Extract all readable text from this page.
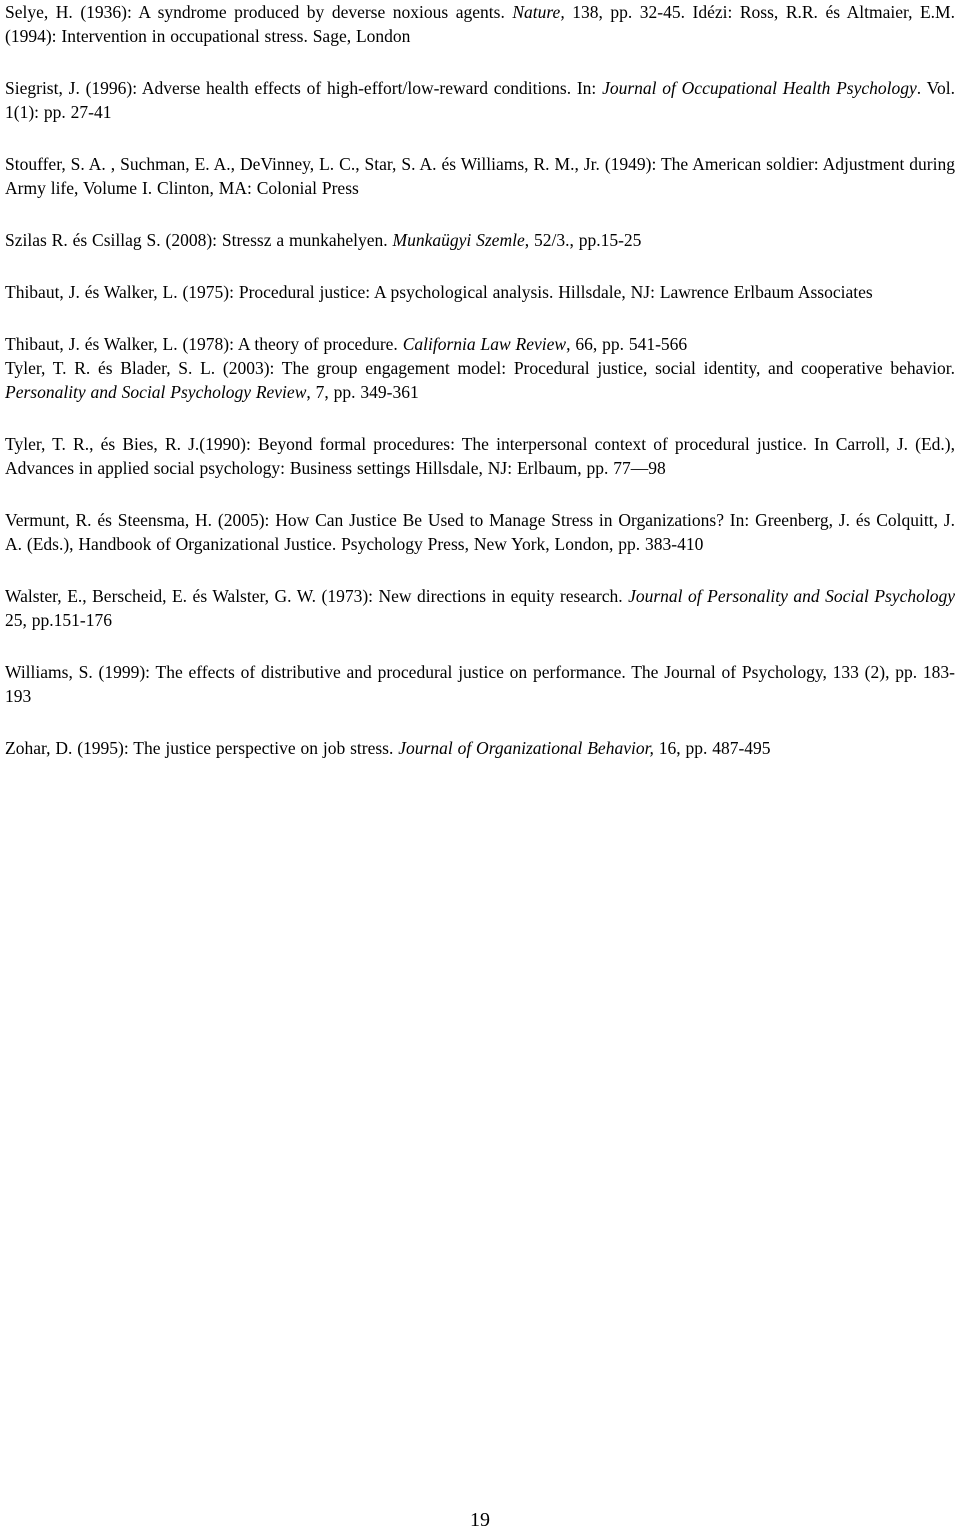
Selye, H. (1936): A syndrome produced by deverse noxious agents. Nature, 138, pp. 32-45. Idézi: Ross, R.R. és Altmaier, E.M. (1994): Intervention in occupational stress. Sage, London

Siegrist, J. (1996): Adverse health effects of high-effort/low-reward conditions. In: Journal of Occupational Health Psychology. Vol. 1(1): pp. 27-41

Stouffer, S. A. , Suchman, E. A., DeVinney, L. C., Star, S. A. és Williams, R. M., Jr. (1949): The American soldier: Adjustment during Army life, Volume I. Clinton, MA: Colonial Press

Szilas R. és Csillag S. (2008): Stressz a munkahelyen. Munkaügyi Szemle, 52/3., pp.15-25

Thibaut, J. és Walker, L. (1975): Procedural justice: A psychological analysis. Hillsdale, NJ: Lawrence Erlbaum Associates

Thibaut, J. és Walker, L. (1978): A theory of procedure. California Law Review, 66, pp. 541-566

Tyler, T. R. és Blader, S. L. (2003): The group engagement model: Procedural justice, social identity, and cooperative behavior. Personality and Social Psychology Review, 7, pp. 349-361

Tyler, T. R., és Bies, R. J.(1990): Beyond formal procedures: The interpersonal context of procedural justice. In Carroll, J. (Ed.), Advances in applied social psychology: Business settings Hillsdale, NJ: Erlbaum, pp. 77—98

Vermunt, R. és Steensma, H. (2005): How Can Justice Be Used to Manage Stress in Organizations? In: Greenberg, J. és Colquitt, J. A. (Eds.), Handbook of Organizational Justice. Psychology Press, New York, London, pp. 383-410

Walster, E., Berscheid, E. és Walster, G. W. (1973): New directions in equity research. Journal of Personality and Social Psychology 25, pp.151-176

Williams, S. (1999): The effects of distributive and procedural justice on performance. The Journal of Psychology, 133 (2), pp. 183-193

Zohar, D. (1995): The justice perspective on job stress. Journal of Organizational Behavior, 16, pp. 487-495

19
